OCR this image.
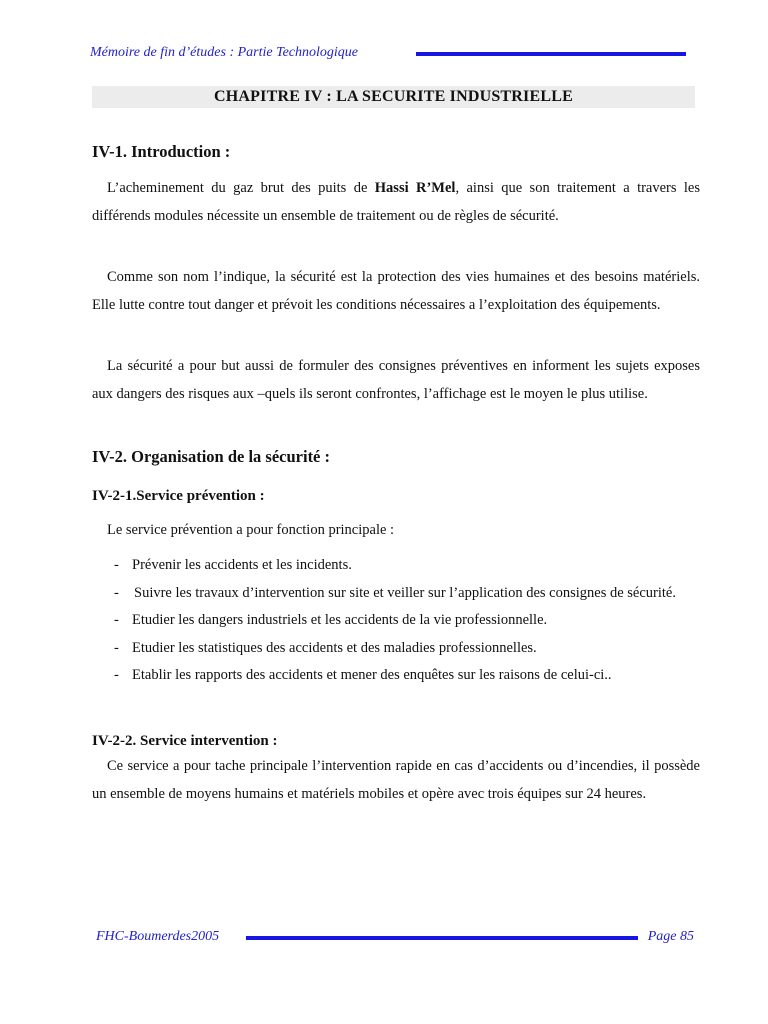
Mémoire de fin d’études : Partie Technologique
CHAPITRE IV : LA SECURITE INDUSTRIELLE
IV-1. Introduction :
L’acheminement du gaz brut des puits de Hassi R’Mel, ainsi que son traitement a travers les différends modules nécessite un ensemble de traitement ou de règles de sécurité.
Comme son nom l’indique, la sécurité est la protection des vies humaines et des besoins matériels. Elle lutte contre tout danger et prévoit les conditions nécessaires a l’exploitation des équipements.
La sécurité a pour but aussi de formuler des consignes préventives en informent les sujets exposes aux dangers des risques aux –quels ils seront confrontes, l’affichage est le moyen le plus utilise.
IV-2. Organisation de la sécurité :
IV-2-1.Service prévention :
Le service prévention a pour fonction principale :
- Prévenir les accidents et les incidents.
-	Suivre les travaux d’intervention sur site et veiller sur l’application des consignes de sécurité.
- Etudier les dangers industriels et les accidents de la vie professionnelle.
- Etudier les statistiques des accidents et des maladies professionnelles.
- Etablir les rapports des accidents et mener des enquêtes sur les raisons de celui-ci..
IV-2-2. Service intervention :
Ce service a pour tache principale l’intervention rapide en cas d’accidents ou d’incendies, il possède un ensemble de moyens humains et matériels mobiles et opère avec trois équipes sur 24 heures.
FHC-Boumerdes2005	Page 85
